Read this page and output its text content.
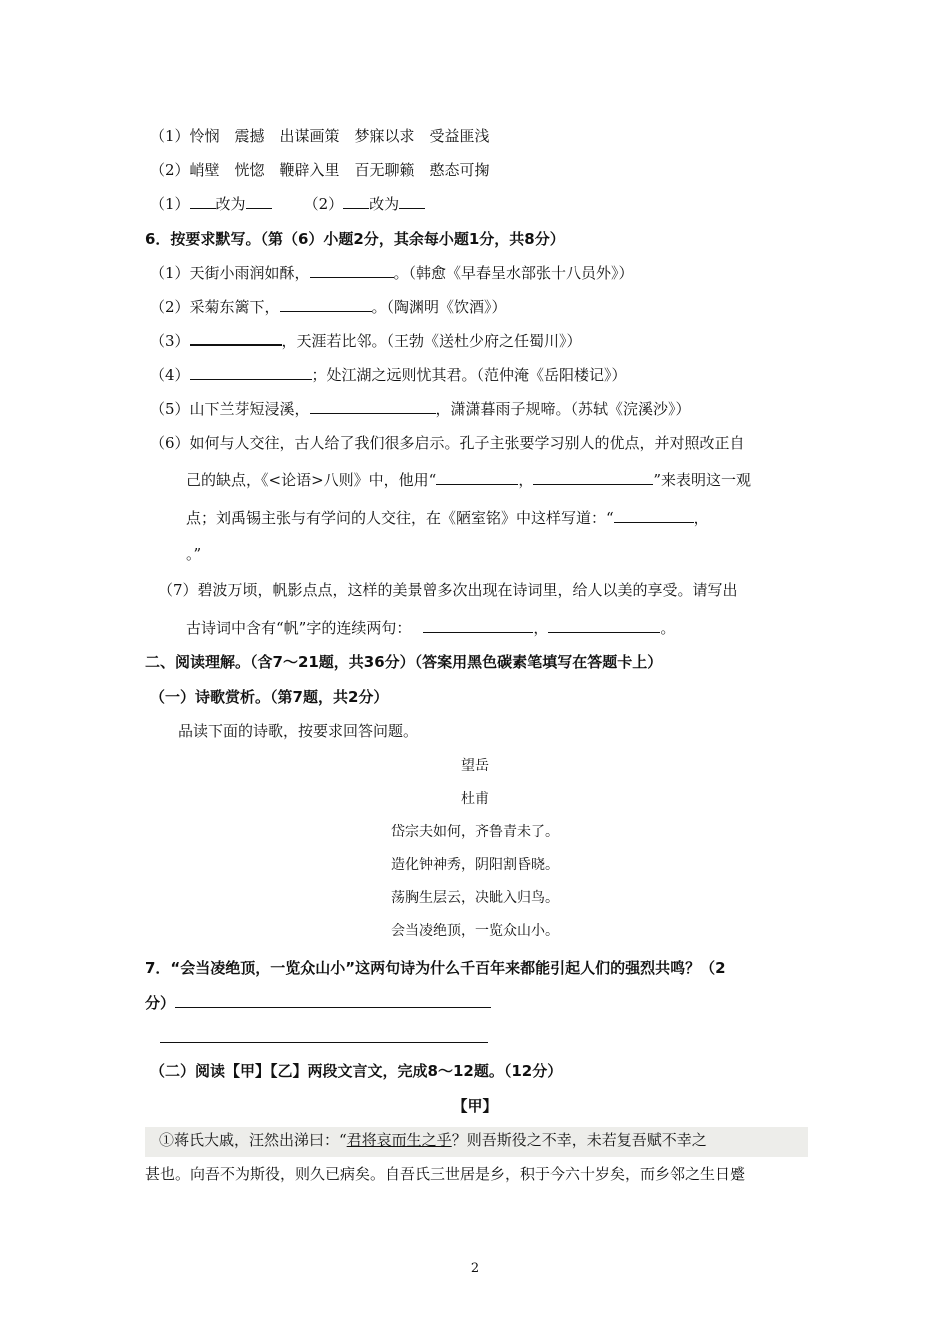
（1）怜悯　震撼　出谋画策　梦寐以求　受益匪浅
（2）峭壁　恍惚　鞭辟入里　百无聊籁　憨态可掬
（1） 改为	（2） 改为
6．按要求默写。（第（6）小题2分，其余每小题1分，共8分）
（1）天街小雨润如酥，	。（韩愈《早春呈水部张十八员外》）
（2）采菊东篱下，	。（陶渊明《饮酒》）
（3）	，天涯若比邻。（王勃《送杜少府之任蜀川》）
（4）	；处江湖之远则忧其君。（范仲淹《岳阳楼记》）
（5）山下兰芽短浸溪，	，潇潇暮雨子规啼。（苏轼《浣溪沙》）
（6）如何与人交往，古人给了我们很多启示。孔子主张要学习别人的优点，并对照改正自
己的缺点，《<论语>八则》中，他用“	，	”来表明这一观
点；刘禹锡主张与有学问的人交往，在《陋室铭》中这样写道：“	，
。”
（7）碧波万顷，帆影点点，这样的美景曾多次出现在诗词里，给人以美的享受。请写出
古诗词中含有“帆”字的连续两句：	，	。
二、阅读理解。（含7～21题，共36分）（答案用黑色碳素笔填写在答题卡上）
（一）诗歌赏析。（第7题，共2分）
品读下面的诗歌，按要求回答问题。
望岳
杜甫
岱宗夫如何，齐鲁青未了。
造化钟神秀，阴阳割昏晓。
荡胸生层云，决眦入归鸟。
会当凌绝顶，一览众山小。
7．“会当凌绝顶，一览众山小”这两句诗为什么千百年来都能引起人们的强烈共鸣？（2
分）
（二）阅读【甲】【乙】两段文言文，完成8～12题。（12分）
【甲】
①蒋氏大戚，汪然出涕曰：“君将哀而生之乎？则吾斯役之不幸，未若复吾赋不幸之
甚也。向吾不为斯役，则久已病矣。自吾氏三世居是乡，积于今六十岁矣，而乡邻之生日蹙
2
